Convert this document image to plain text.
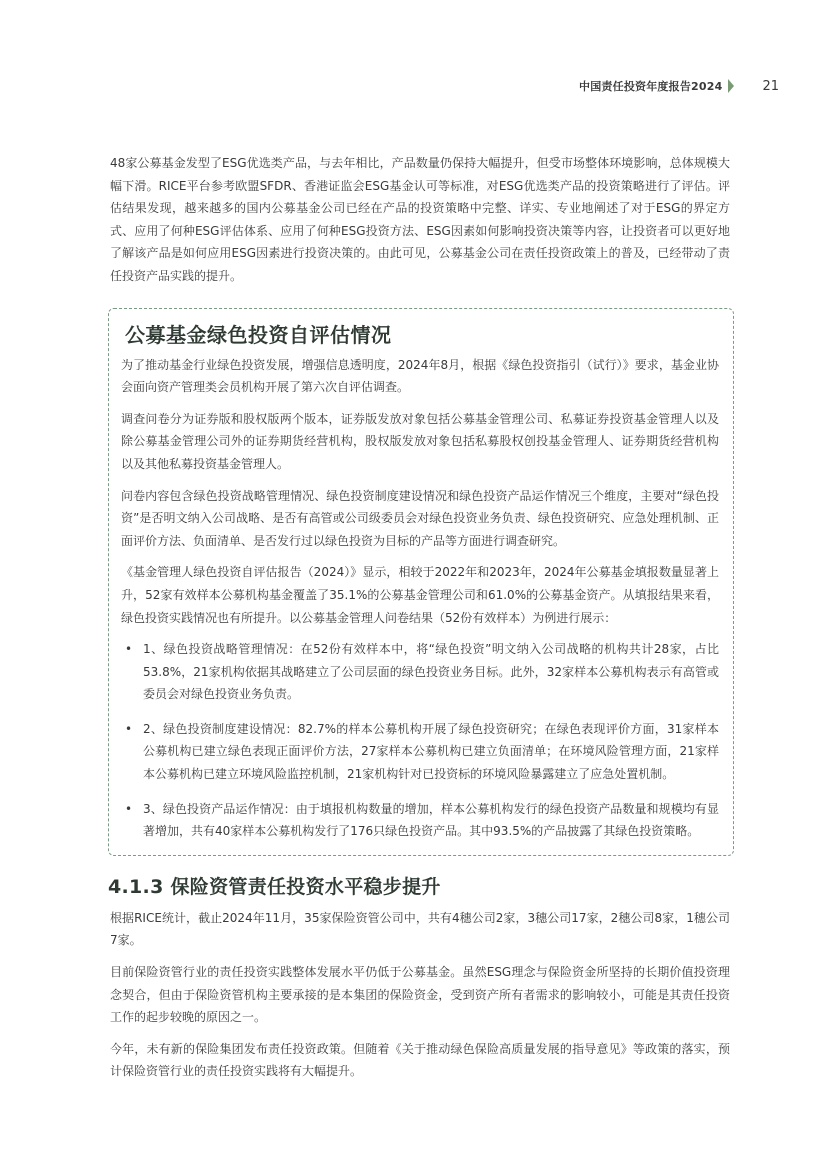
中国责任投资年度报告2024	21

48家公募基金发型了ESG优选类产品，与去年相比，产品数量仍保持大幅提升，但受市场整体环境影响，总体规模大幅下滑。RICE平台参考欧盟SFDR、香港证监会ESG基金认可等标准，对ESG优选类产品的投资策略进行了评估。评估结果发现，越来越多的国内公募基金公司已经在产品的投资策略中完整、详实、专业地阐述了对于ESG的界定方式、应用了何种ESG评估体系、应用了何种ESG投资方法、ESG因素如何影响投资决策等内容，让投资者可以更好地了解该产品是如何应用ESG因素进行投资决策的。由此可见，公募基金公司在责任投资政策上的普及，已经带动了责任投资产品实践的提升。

公募基金绿色投资自评估情况

为了推动基金行业绿色投资发展，增强信息透明度，2024年8月，根据《绿色投资指引（试行）》要求，基金业协会面向资产管理类会员机构开展了第六次自评估调查。

调查问卷分为证券版和股权版两个版本，证券版发放对象包括公募基金管理公司、私募证券投资基金管理人以及除公募基金管理公司外的证券期货经营机构，股权版发放对象包括私募股权创投基金管理人、证券期货经营机构以及其他私募投资基金管理人。

问卷内容包含绿色投资战略管理情况、绿色投资制度建设情况和绿色投资产品运作情况三个维度，主要对“绿色投资”是否明文纳入公司战略、是否有高管或公司级委员会对绿色投资业务负责、绿色投资研究、应急处理机制、正面评价方法、负面清单、是否发行过以绿色投资为目标的产品等方面进行调查研究。

《基金管理人绿色投资自评估报告（2024）》显示，相较于2022年和2023年，2024年公募基金填报数量显著上升，52家有效样本公募机构基金覆盖了35.1%的公募基金管理公司和61.0%的公募基金资产。从填报结果来看，绿色投资实践情况也有所提升。以公募基金管理人问卷结果（52份有效样本）为例进行展示：

• 1、绿色投资战略管理情况：在52份有效样本中，将“绿色投资”明文纳入公司战略的机构共计28家，占比53.8%，21家机构依据其战略建立了公司层面的绿色投资业务目标。此外，32家样本公募机构表示有高管或委员会对绿色投资业务负责。
• 2、绿色投资制度建设情况：82.7%的样本公募机构开展了绿色投资研究；在绿色表现评价方面，31家样本公募机构已建立绿色表现正面评价方法，27家样本公募机构已建立负面清单；在环境风险管理方面，21家样本公募机构已建立环境风险监控机制，21家机构针对已投资标的环境风险暴露建立了应急处置机制。
• 3、绿色投资产品运作情况：由于填报机构数量的增加，样本公募机构发行的绿色投资产品数量和规模均有显著增加，共有40家样本公募机构发行了176只绿色投资产品。其中93.5%的产品披露了其绿色投资策略。
4.1.3 保险资管责任投资水平稳步提升

根据RICE统计，截止2024年11月，35家保险资管公司中，共有4穗公司2家，3穗公司17家，2穗公司8家，1穗公司7家。

目前保险资管行业的责任投资实践整体发展水平仍低于公募基金。虽然ESG理念与保险资金所坚持的长期价值投资理念契合，但由于保险资管机构主要承接的是本集团的保险资金，受到资产所有者需求的影响较小，可能是其责任投资工作的起步较晚的原因之一。

今年，未有新的保险集团发布责任投资政策。但随着《关于推动绿色保险高质量发展的指导意见》等政策的落实，预计保险资管行业的责任投资实践将有大幅提升。
